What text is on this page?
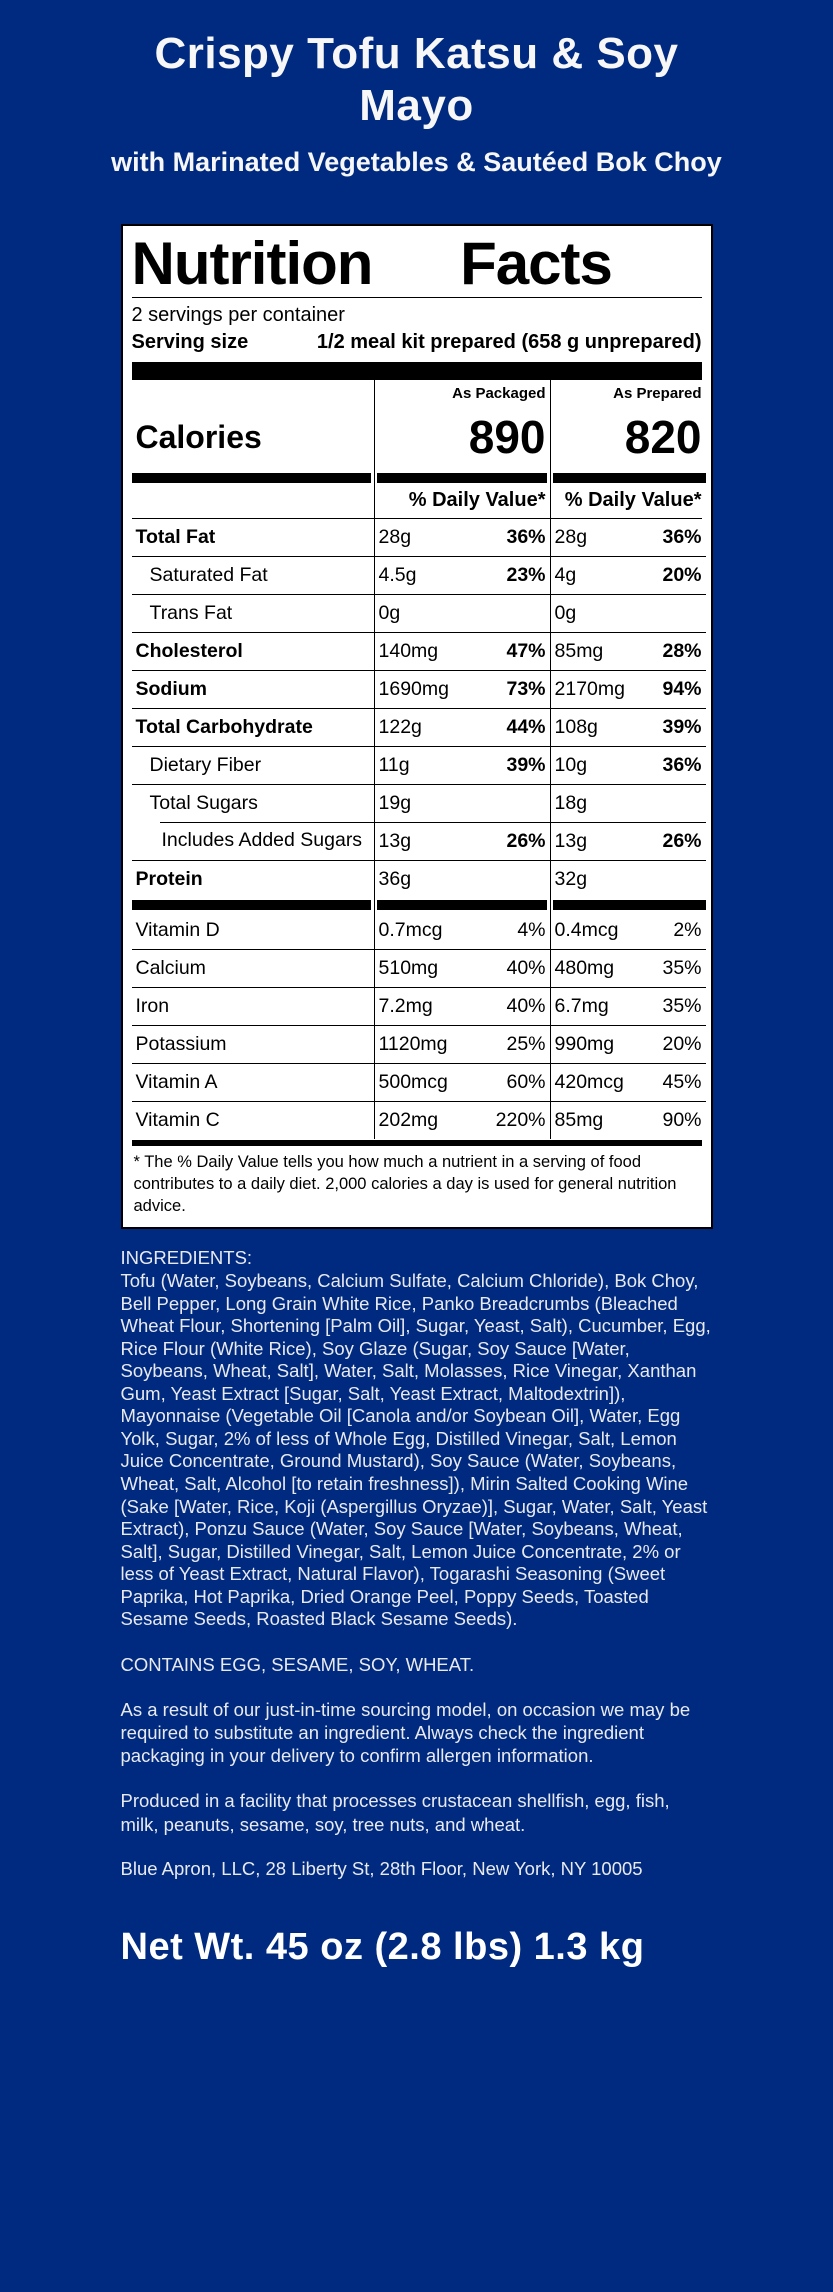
Crispy Tofu Katsu & Soy Mayo
with Marinated Vegetables & Sautéed Bok Choy
Nutrition Facts
2 servings per container
Serving size	1/2 meal kit prepared (658 g unprepared)
As Packaged	As Prepared
Calories	890	820
% Daily Value* % Daily Value*
Total Fat	28g	36% 28g	36%
Saturated Fat	4.5g	23% 4g	20%
Trans Fat	0g	0g
Cholesterol	140mg	47% 85mg	28%
Sodium	1690mg	73% 2170mg 94%
Total Carbohydrate	122g	44% 108g	39%
Dietary Fiber	11g	39% 10g	36%
Total Sugars	19g	18g
Includes Added Sugars 13g	26% 13g	26%
Protein	36g	32g
Vitamin D	0.7mcg	4% 0.4mcg	2%
Calcium	510mg	40% 480mg 35%
Iron	7.2mg	40% 6.7mg	35%
Potassium	1120mg	25% 990mg 20%
Vitamin A	500mcg	60% 420mcg 45%
Vitamin C	202mg	220% 85mg	90%
* The % Daily Value tells you how much a nutrient in a serving of food contributes to a daily diet. 2,000 calories a day is used for general nutrition advice.

INGREDIENTS:

Tofu (Water, Soybeans, Calcium Sulfate, Calcium Chloride), Bok Choy, Bell Pepper, Long Grain White Rice, Panko Breadcrumbs (Bleached Wheat Flour, Shortening [Palm Oil], Sugar, Yeast, Salt), Cucumber, Egg, Rice Flour (White Rice), Soy Glaze (Sugar, Soy Sauce [Water, Soybeans, Wheat, Salt], Water, Salt, Molasses, Rice Vinegar, Xanthan Gum, Yeast Extract [Sugar, Salt, Yeast Extract, Maltodextrin]), Mayonnaise (Vegetable Oil [Canola and/or Soybean Oil], Water, Egg Yolk, Sugar, 2% of less of Whole Egg, Distilled Vinegar, Salt, Lemon Juice Concentrate, Ground Mustard), Soy Sauce (Water, Soybeans, Wheat, Salt, Alcohol [to retain freshness]), Mirin Salted Cooking Wine (Sake [Water, Rice, Koji (Aspergillus Oryzae)], Sugar, Water, Salt, Yeast Extract), Ponzu Sauce (Water, Soy Sauce [Water, Soybeans, Wheat, Salt], Sugar, Distilled Vinegar, Salt, Lemon Juice Concentrate, 2% or less of Yeast Extract, Natural Flavor), Togarashi Seasoning (Sweet Paprika, Hot Paprika, Dried Orange Peel, Poppy Seeds, Toasted Sesame Seeds, Roasted Black Sesame Seeds).

CONTAINS EGG, SESAME, SOY, WHEAT.

As a result of our just-in-time sourcing model, on occasion we may be required to substitute an ingredient. Always check the ingredient packaging in your delivery to confirm allergen information.

Produced in a facility that processes crustacean shellfish, egg, fish, milk, peanuts, sesame, soy, tree nuts, and wheat.

Blue Apron, LLC, 28 Liberty St, 28th Floor, New York, NY 10005

Net Wt. 45 oz (2.8 lbs) 1.3 kg
